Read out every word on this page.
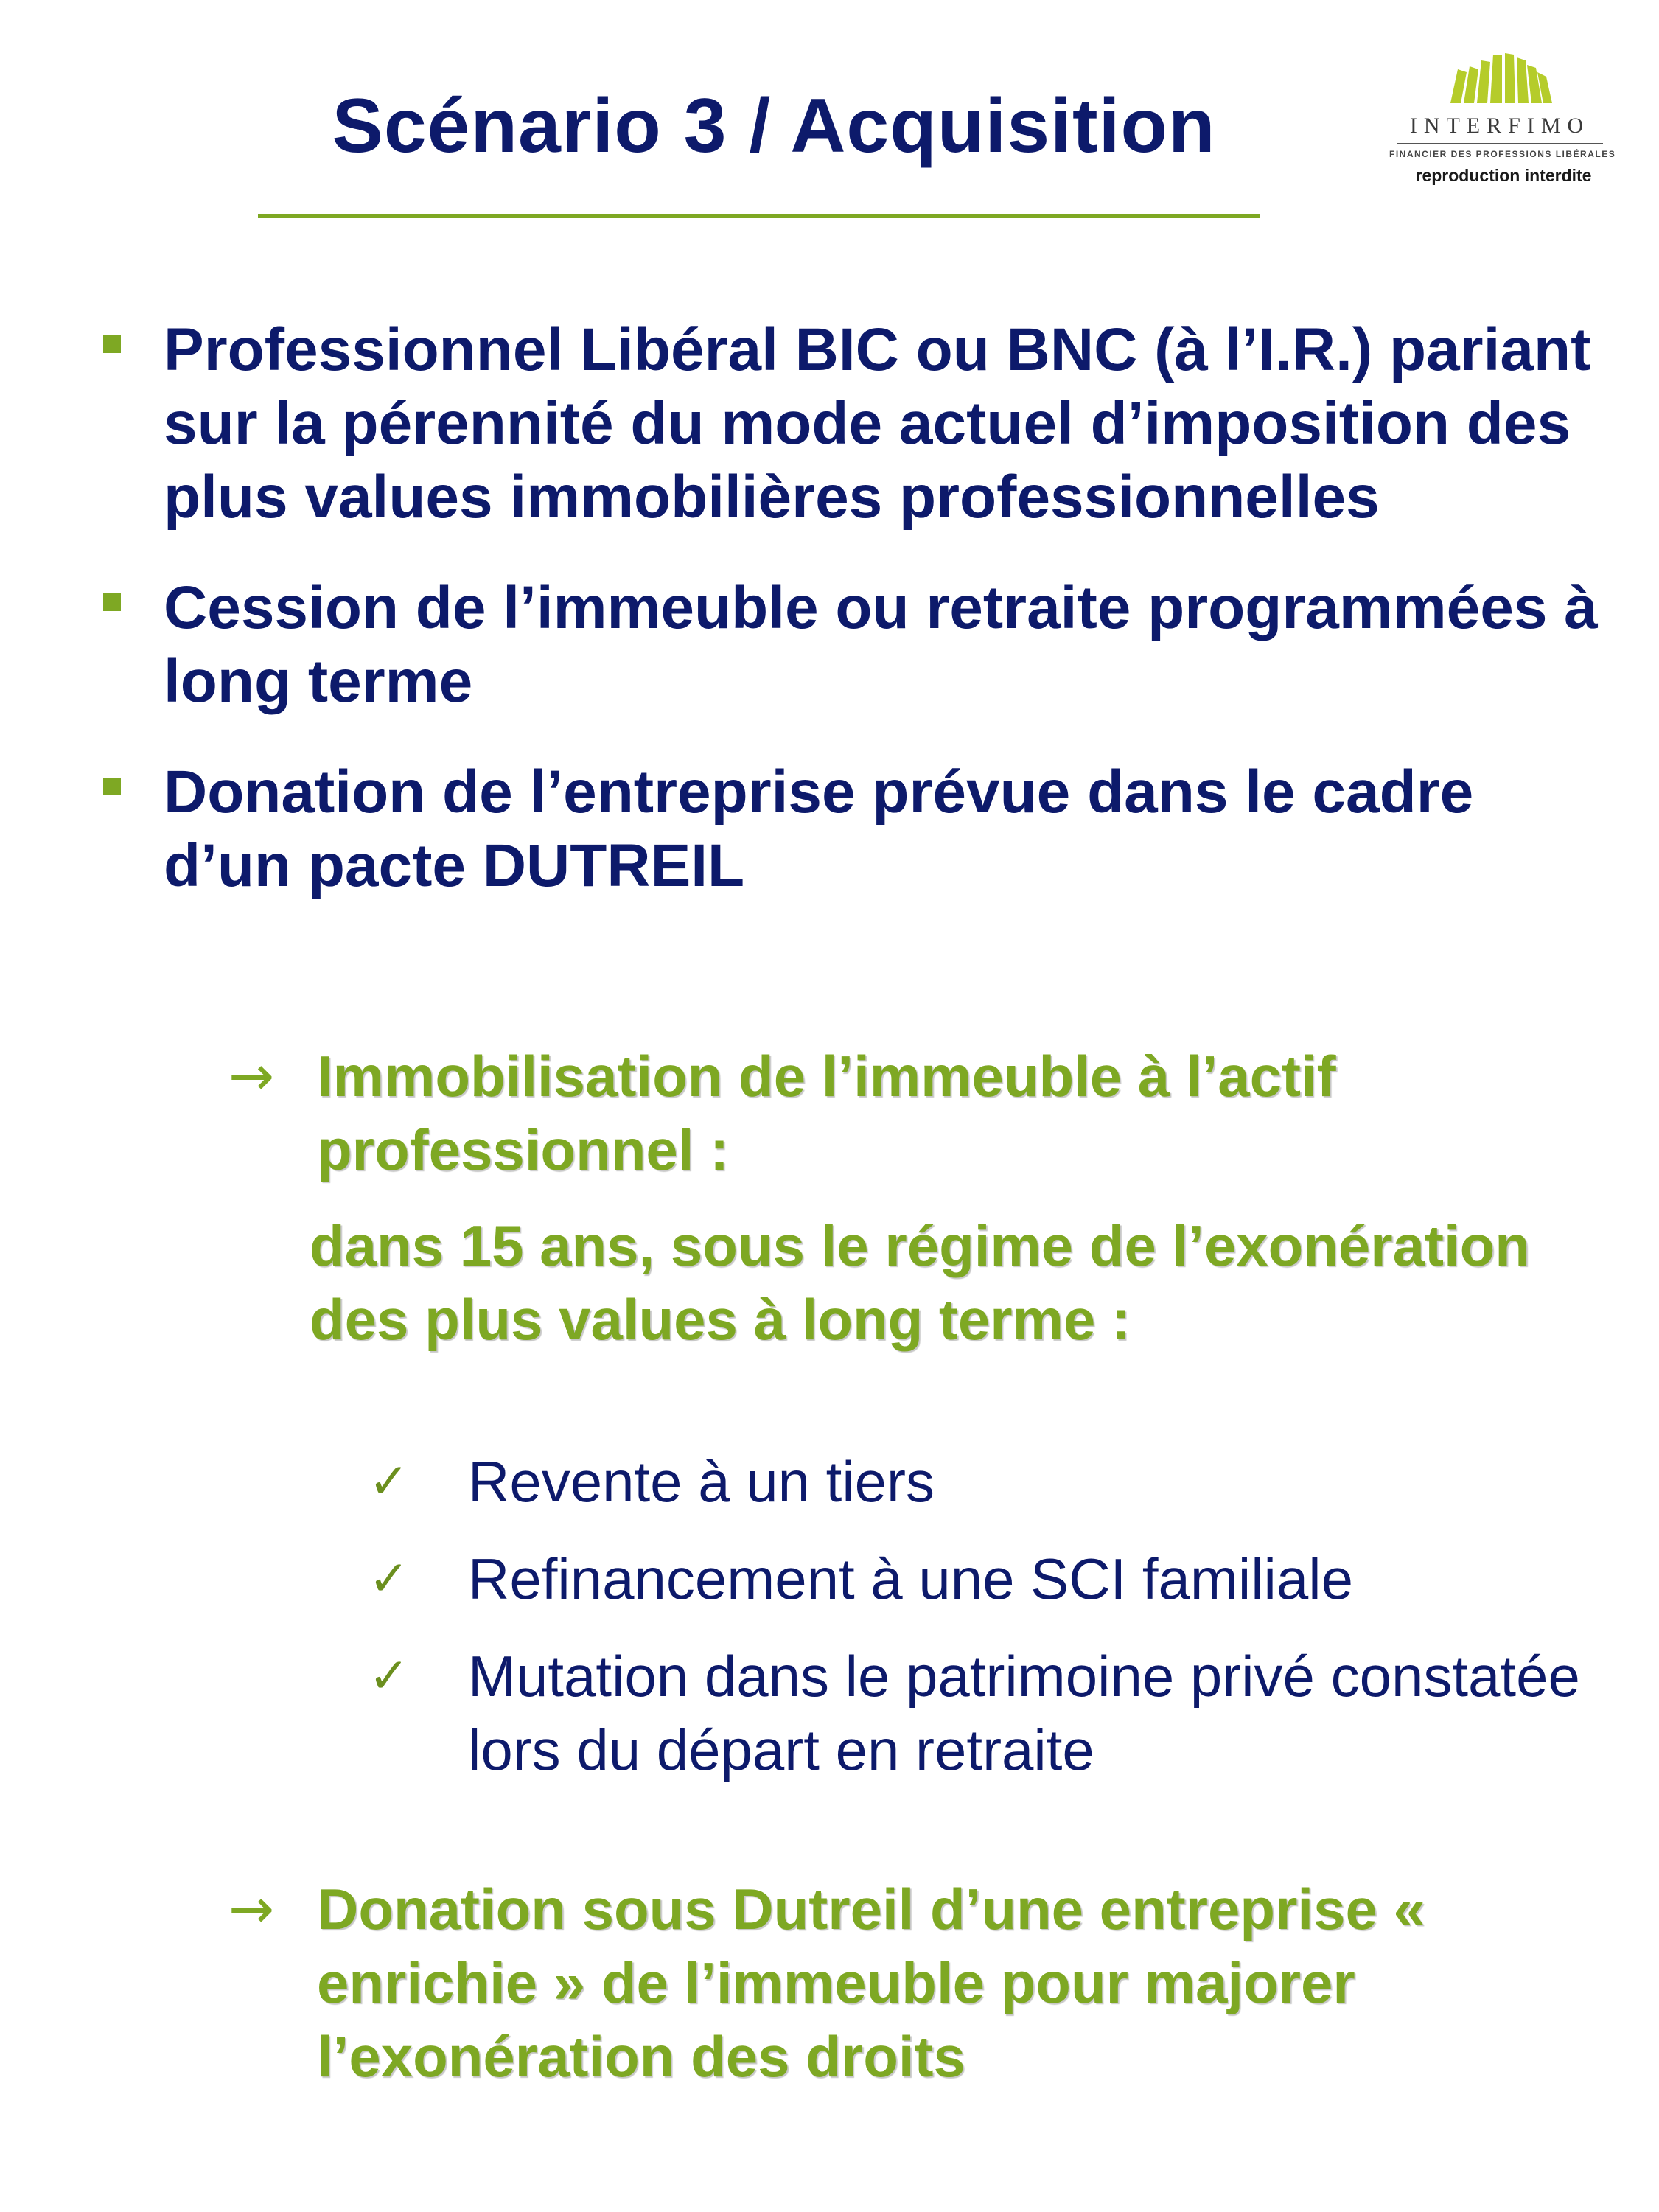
Scénario 3 / Acquisition	INTERFIMO
FINANCIER DES PROFESSIONS LIBÉRALES
reproduction interdite
Professionnel Libéral BIC ou BNC (à l’I.R.) pariant sur la pérennité du mode actuel d’imposition des plus values immobilières professionnelles
Cession de l’immeuble ou retraite programmées à long terme
Donation de l’entreprise prévue dans le cadre d’un pacte DUTREIL
→ Immobilisation de l’immeuble à l’actif professionnel :
dans 15 ans, sous le régime de l’exonération des plus values à long terme :
✓ Revente à un tiers
✓ Refinancement à une SCI familiale
✓ Mutation dans le patrimoine privé constatée lors du départ en retraite
→ Donation sous Dutreil d’une entreprise « enrichie » de l’immeuble pour majorer l’exonération des droits
